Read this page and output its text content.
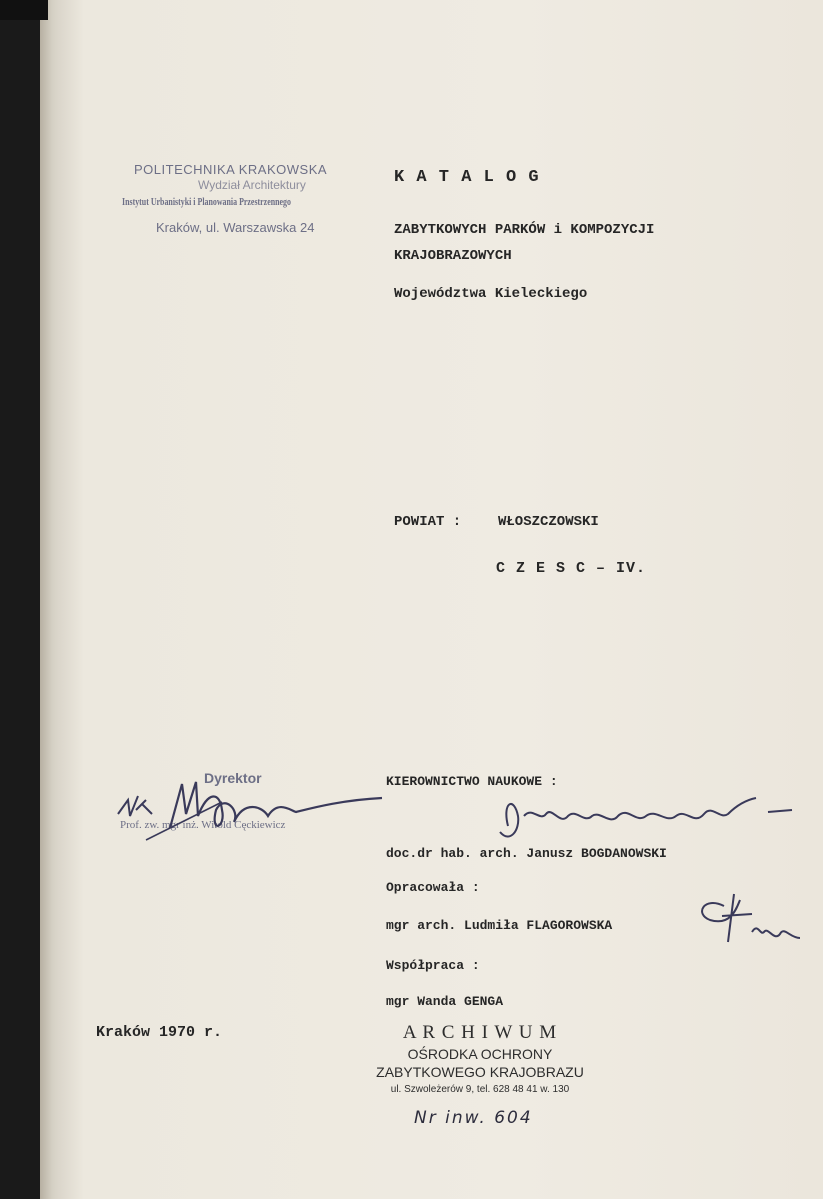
POLITECHNIKA KRAKOWSKA
Wydział Architektury
Instytut Urbanistyki i Planowania Przestrzennego
Kraków, ul. Warszawska 24
K A T A L O G
ZABYTKOWYCH PARKÓW i KOMPOZYCJI
KRAJOBRAZOWYCH
Województwa Kieleckiego
POWIAT :	WŁOSZCZOWSKI
C Z E S C – IV.
Dyrektor
Prof. zw. mgr inż. Witold Cęckiewicz
KIEROWNICTWO NAUKOWE :
doc.dr hab. arch. Janusz BOGDANOWSKI
Opracowała :
mgr arch. Ludmiła FLAGOROWSKA
Współpraca :
mgr Wanda GENGA
Kraków 1970 r.	A R C H I W U M
OŚRODKA OCHRONY
ZABYTKOWEGO KRAJOBRAZU
ul. Szwoleżerów 9, tel. 628 48 41 w. 130
Nr inw. 604
